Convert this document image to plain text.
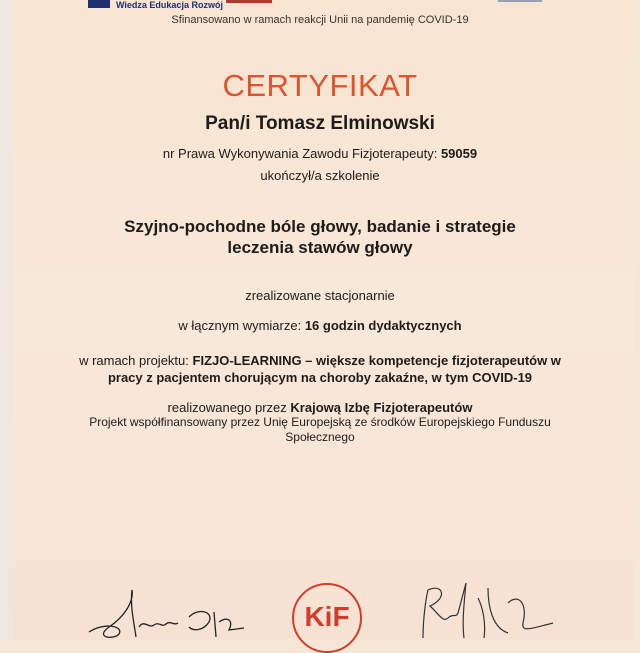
Wiedza Edukacja Rozwój
Sfinansowano w ramach reakcji Unii na pandemię COVID-19
CERTYFIKAT
Pan/i Tomasz Elminowski
nr Prawa Wykonywania Zawodu Fizjoterapeuty: 59059
ukończył/a szkolenie
Szyjno-pochodne bóle głowy, badanie i strategie
leczenia stawów głowy
zrealizowane stacjonarnie
w łącznym wymiarze: 16 godzin dydaktycznych
w ramach projektu: FIZJO-LEARNING – większe kompetencje fizjoterapeutów w
pracy z pacjentem chorującym na choroby zakaźne, w tym COVID-19
realizowanego przez Krajową Izbę Fizjoterapeutów
Projekt współfinansowany przez Unię Europejską ze środków Europejskiego Funduszu
Społecznego
KiF
